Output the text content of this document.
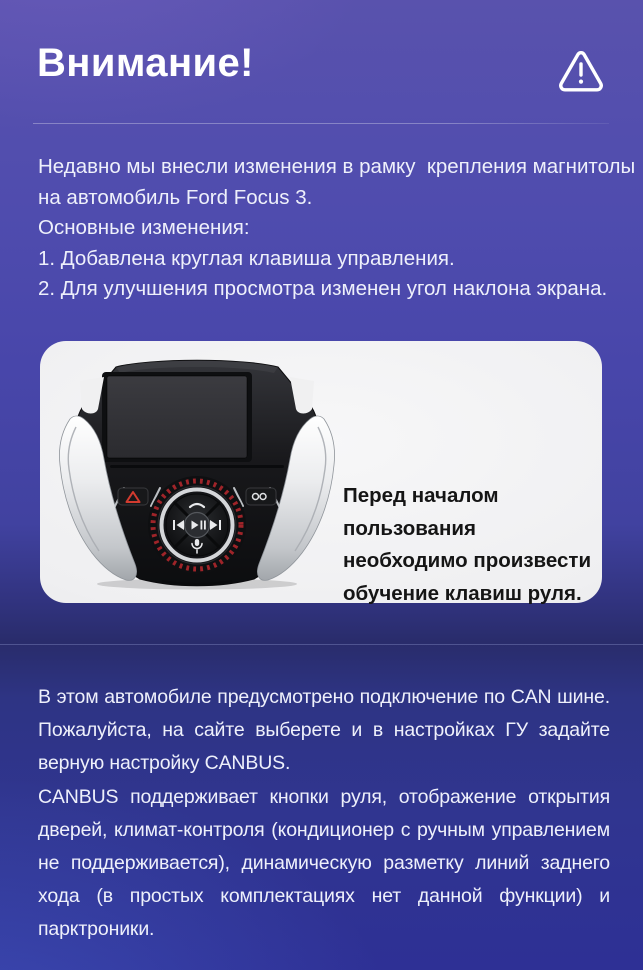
Внимание!
Недавно мы внесли изменения в рамку  крепления магнитолы
на автомобиль Ford Focus 3.
Основные изменения:
1. Добавлена круглая клавиша управления.
2. Для улучшения просмотра изменен угол наклона экрана.
Перед началом пользования
необходимо произвести
обучение клавиш руля.
В этом автомобиле предусмотрено подключение по CAN шине.
Пожалуйста, на сайте выберете и в настройках ГУ задайте
верную настройку CANBUS.
CANBUS поддерживает кнопки руля, отображение открытия
дверей, климат-контроля (кондиционер с ручным управлением
не поддерживается), динамическую разметку линий заднего
хода (в простых комплектациях нет данной функции) и
парктроники.
